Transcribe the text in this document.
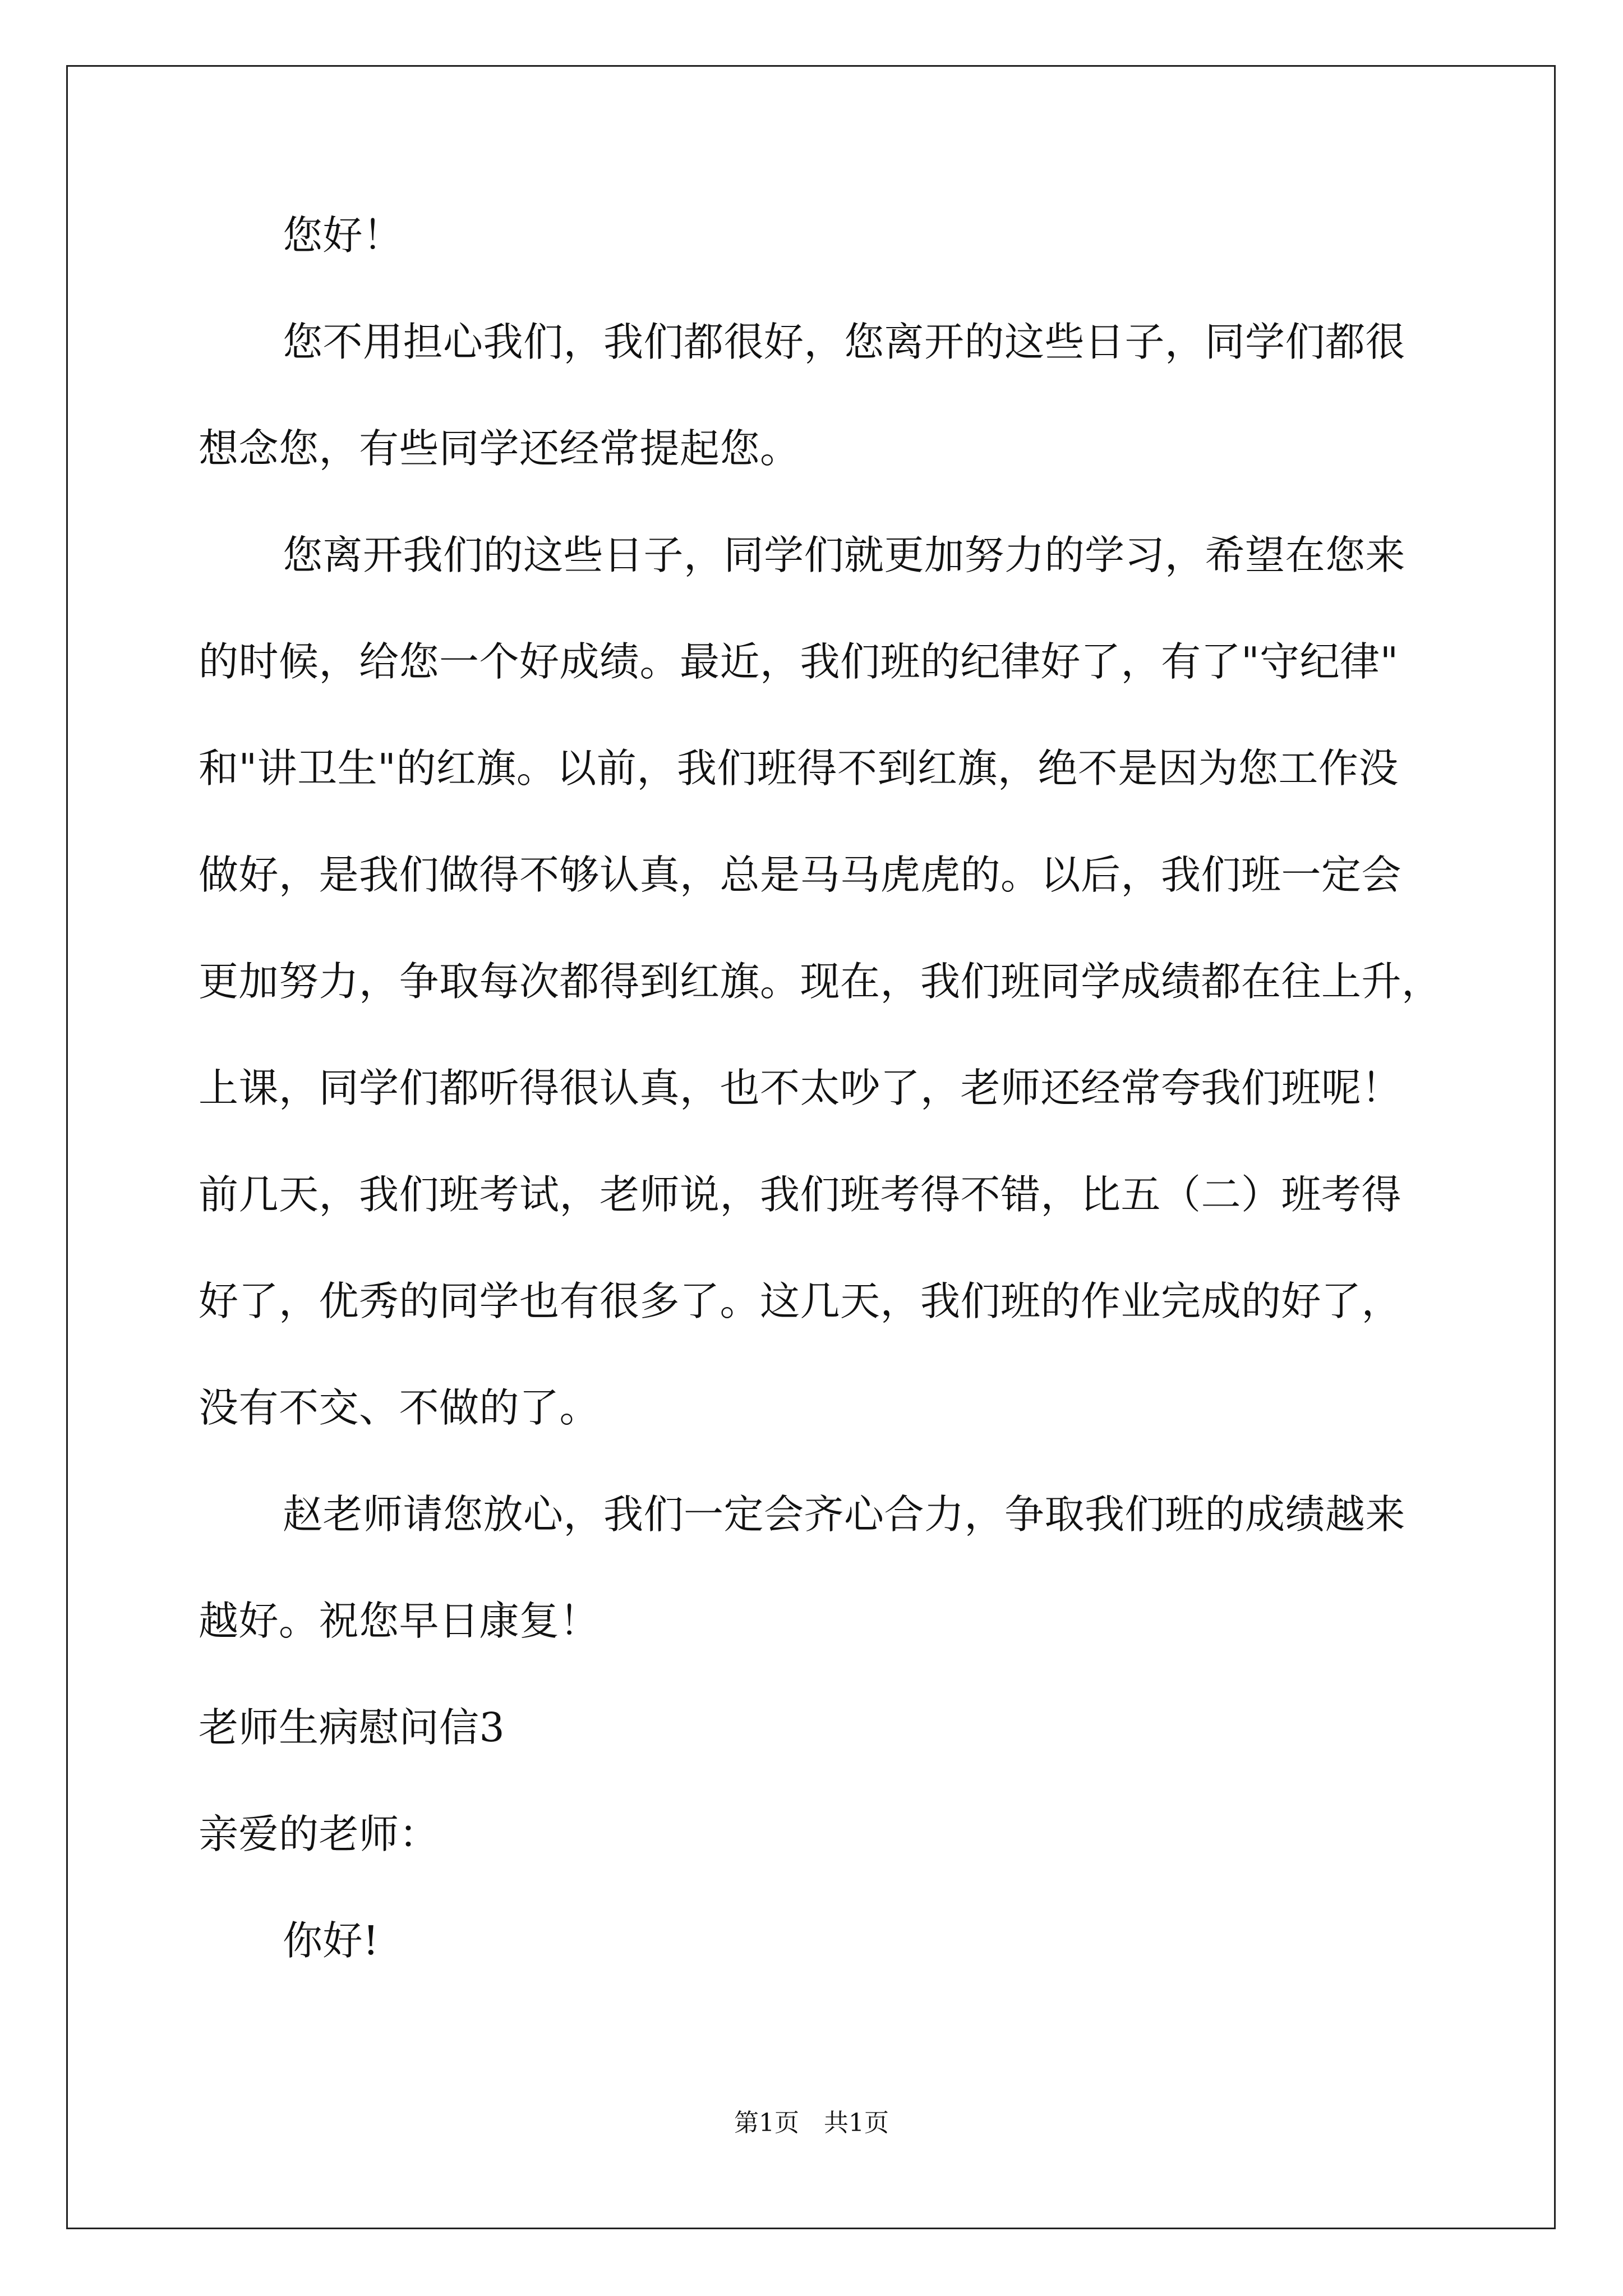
您好！
您不用担心我们，我们都很好，您离开的这些日子，同学们都很
想念您，有些同学还经常提起您。
您离开我们的这些日子，同学们就更加努力的学习，希望在您来
的时候，给您一个好成绩。最近，我们班的纪律好了，有了"守纪律"
和"讲卫生"的红旗。以前，我们班得不到红旗，绝不是因为您工作没
做好，是我们做得不够认真，总是马马虎虎的。以后，我们班一定会
更加努力，争取每次都得到红旗。现在，我们班同学成绩都在往上升，
上课，同学们都听得很认真，也不太吵了，老师还经常夸我们班呢！
前几天，我们班考试，老师说，我们班考得不错，比五（二）班考得
好了，优秀的同学也有很多了。这几天，我们班的作业完成的好了，
没有不交、不做的了。
赵老师请您放心，我们一定会齐心合力，争取我们班的成绩越来
越好。祝您早日康复！
老师生病慰问信3
亲爱的老师：
你好!
第1页　共1页
